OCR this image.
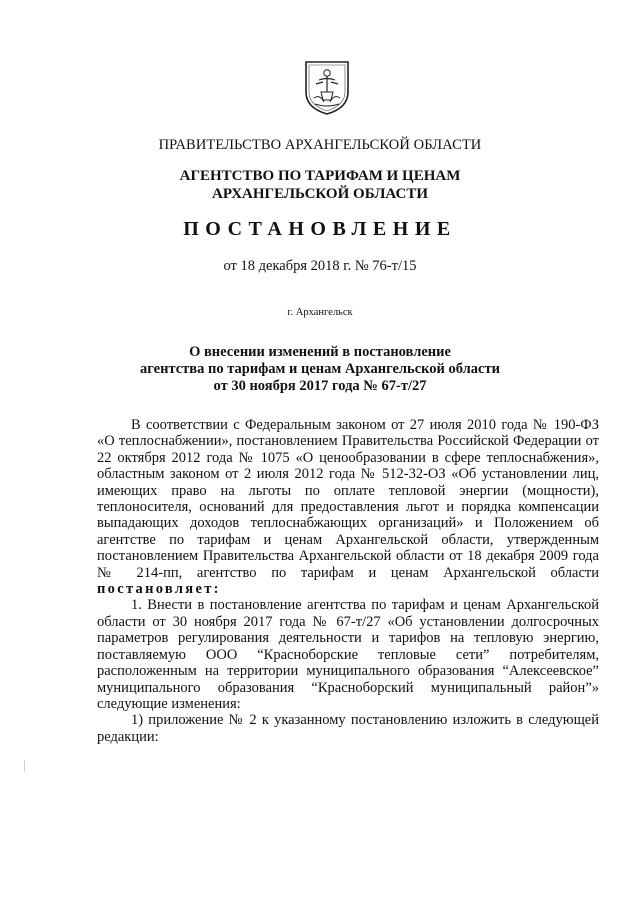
ПРАВИТЕЛЬСТВО АРХАНГЕЛЬСКОЙ ОБЛАСТИ
АГЕНТСТВО ПО ТАРИФАМ И ЦЕНАМ
АРХАНГЕЛЬСКОЙ ОБЛАСТИ
ПОСТАНОВЛЕНИЕ
от 18 декабря 2018 г. № 76-т/15
г. Архангельск
О внесении изменений в постановление
агентства по тарифам и ценам Архангельской области
от 30 ноября 2017 года № 67-т/27

В соответствии с Федеральным законом от 27 июля 2010 года № 190-ФЗ «О теплоснабжении», постановлением Правительства Российской Федерации от 22 октября 2012 года № 1075 «О ценообразовании в сфере теплоснабжения», областным законом от 2 июля 2012 года № 512-32-ОЗ «Об установлении лиц, имеющих право на льготы по оплате тепловой энергии (мощности), теплоносителя, оснований для предоставления льгот и порядка компенсации выпадающих доходов теплоснабжающих организаций» и Положением об агентстве по тарифам и ценам Архангельской области, утвержденным постановлением Правительства Архангельской области от 18 декабря 2009 года № 214-пп, агентство по тарифам и ценам Архангельской области постановляет:

1. Внести в постановление агентства по тарифам и ценам Архангельской области от 30 ноября 2017 года № 67-т/27 «Об установлении долгосрочных параметров регулирования деятельности и тарифов на тепловую энергию, поставляемую ООО “Красноборские тепловые сети” потребителям, расположенным на территории муниципального образования “Алексеевское” муниципального образования “Красноборский муниципальный район”» следующие изменения:

1) приложение № 2 к указанному постановлению изложить в следующей редакции:
